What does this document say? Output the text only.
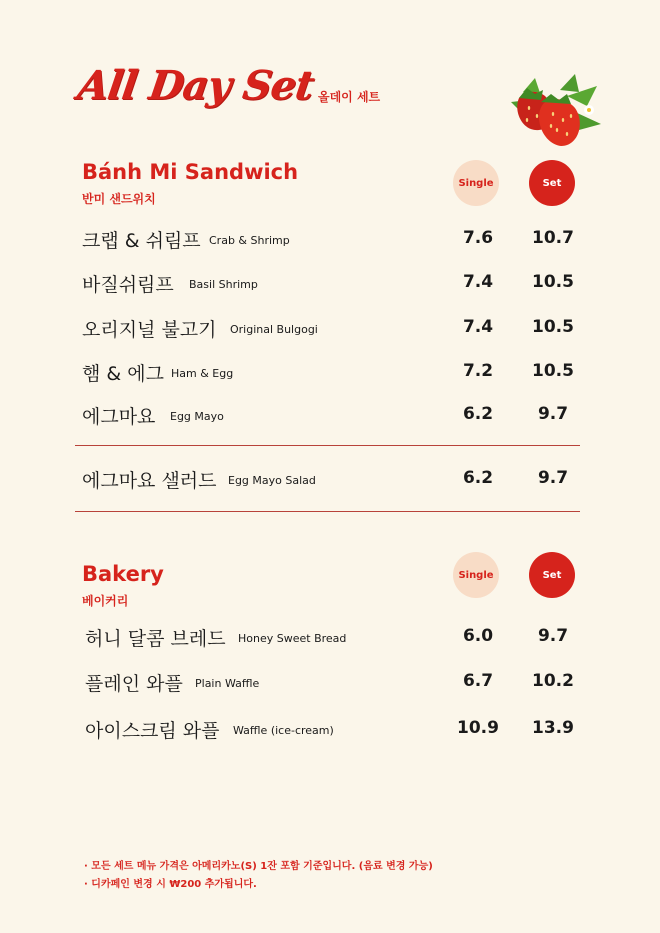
All Day Set 올데이 세트
Bánh Mi Sandwich
반미 샌드위치
Single	Set
크랩 & 쉬림프 Crab & Shrimp	7.6	10.7
바질쉬림프 Basil Shrimp	7.4	10.5
오리지널 불고기 Original Bulgogi	7.4	10.5
햄 & 에그 Ham & Egg	7.2	10.5
에그마요 Egg Mayo	6.2	9.7
에그마요 샐러드 Egg Mayo Salad	6.2	9.7
Bakery
베이커리
Single	Set
허니 달콤 브레드 Honey Sweet Bread	6.0	9.7
플레인 와플 Plain Waffle	6.7	10.2
아이스크림 와플 Waffle (ice-cream)	10.9	13.9
· 모든 세트 메뉴 가격은 아메리카노(S) 1잔 포함 기준입니다. (음료 변경 가능)
· 디카페인 변경 시 ₩200 추가됩니다.
